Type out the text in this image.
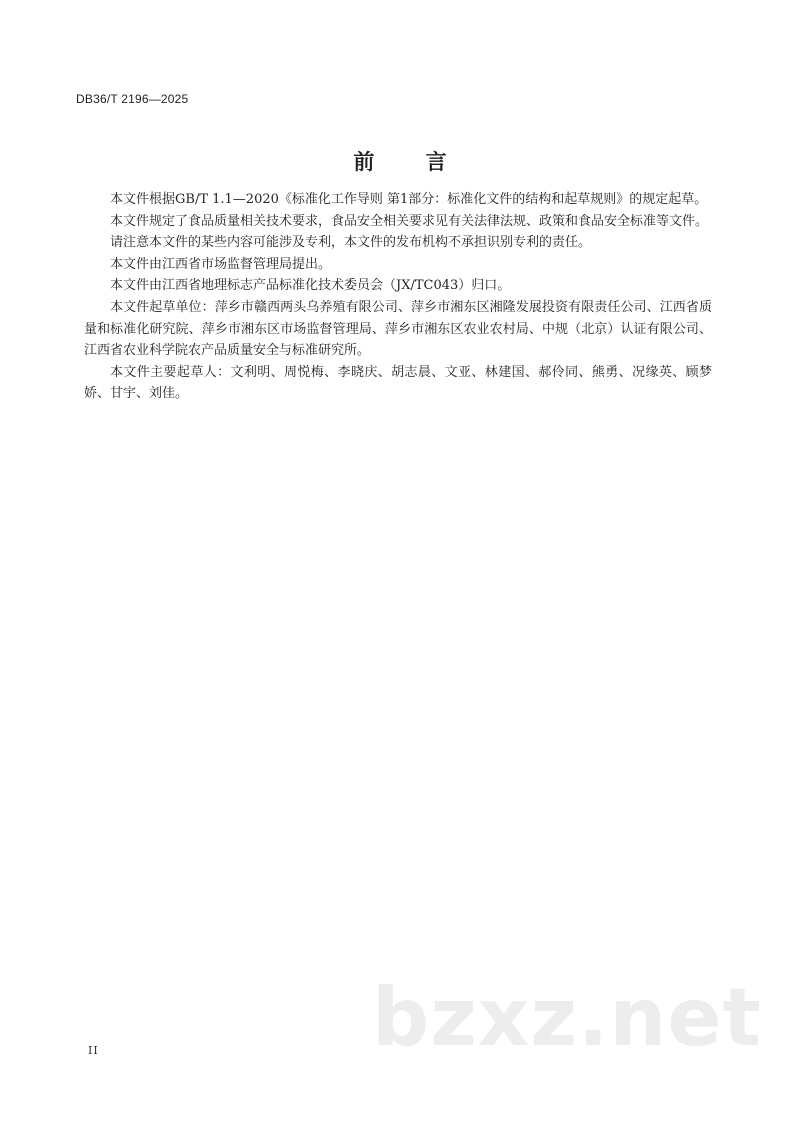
DB36/T 2196—2025
前 言

本文件根据GB/T 1.1—2020《标准化工作导则 第1部分：标准化文件的结构和起草规则》的规定起草。

本文件规定了食品质量相关技术要求，食品安全相关要求见有关法律法规、政策和食品安全标准等文件。

请注意本文件的某些内容可能涉及专利，本文件的发布机构不承担识别专利的责任。

本文件由江西省市场监督管理局提出。

本文件由江西省地理标志产品标准化技术委员会（JX/TC043）归口。

本文件起草单位：萍乡市赣西两头乌养殖有限公司、萍乡市湘东区湘隆发展投资有限责任公司、江西省质量和标准化研究院、萍乡市湘东区市场监督管理局、萍乡市湘东区农业农村局、中规（北京）认证有限公司、江西省农业科学院农产品质量安全与标准研究所。

本文件主要起草人：文利明、周悦梅、李晓庆、胡志晨、文亚、林建国、郝伶同、熊勇、况缘英、顾梦娇、甘宇、刘佳。

bzxz.net
II
